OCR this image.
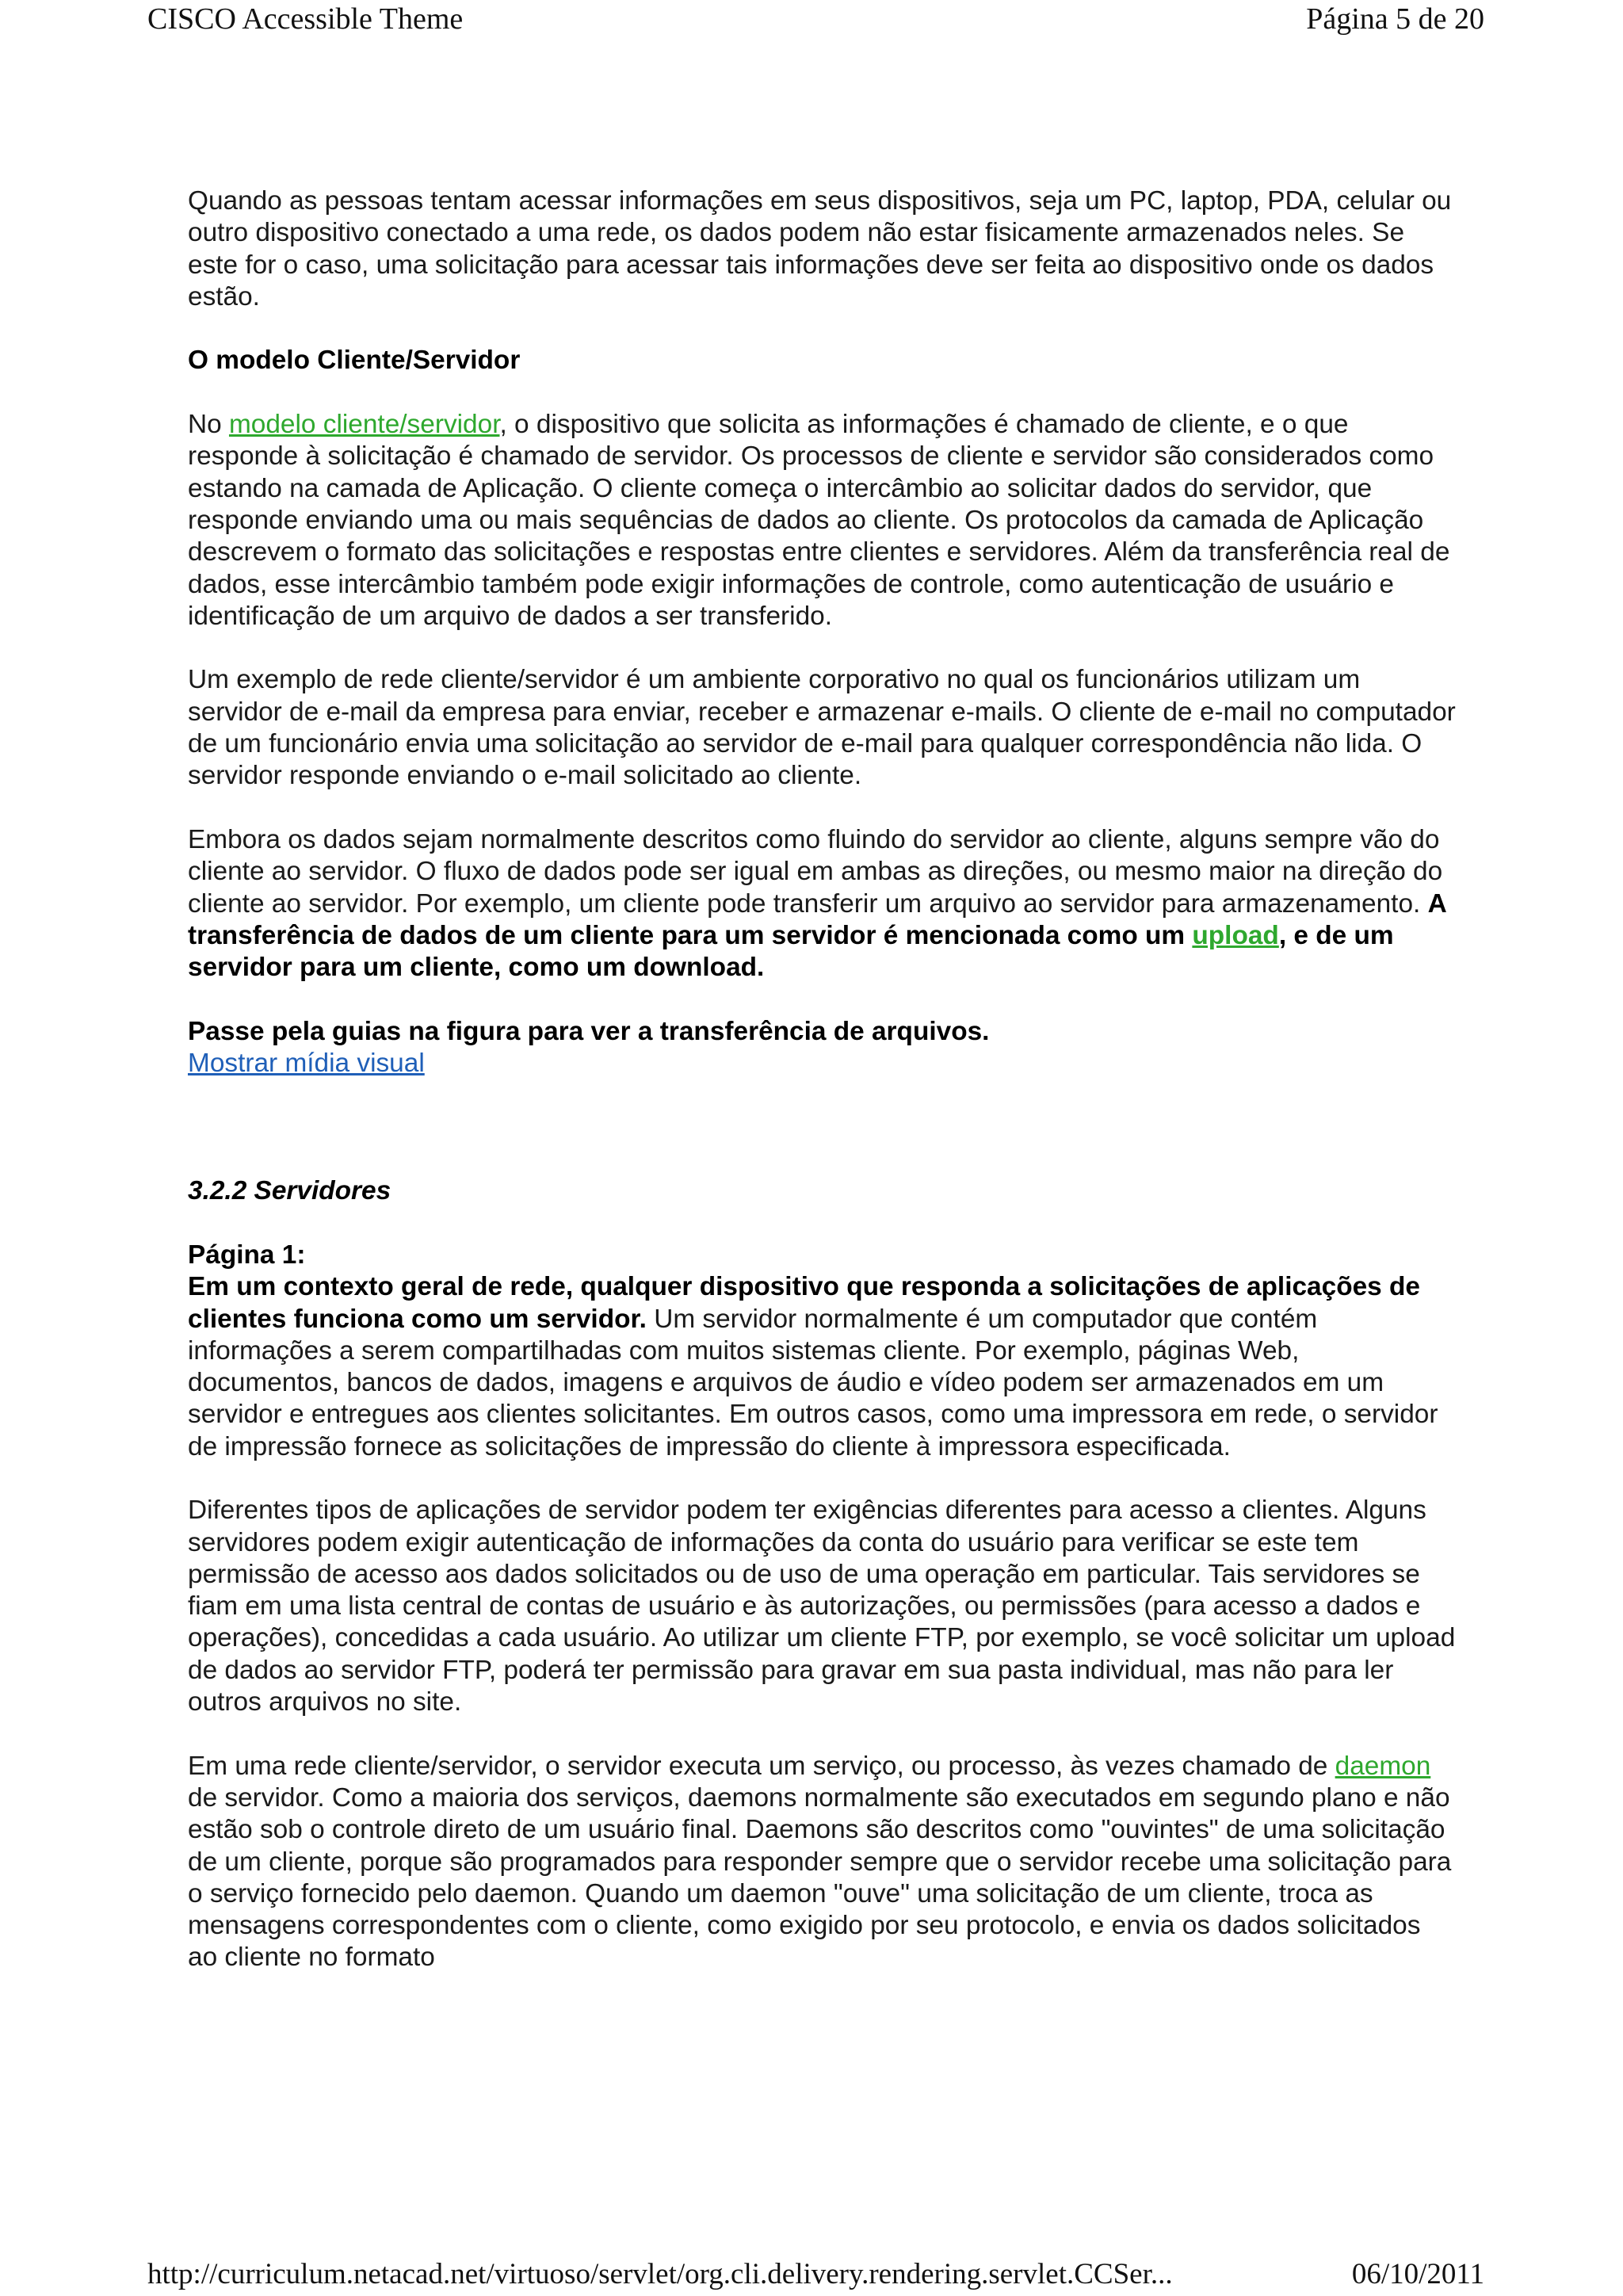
CISCO Accessible Theme	Página 5 de 20

Quando as pessoas tentam acessar informações em seus dispositivos, seja um PC, laptop, PDA, celular ou outro dispositivo conectado a uma rede, os dados podem não estar fisicamente armazenados neles. Se este for o caso, uma solicitação para acessar tais informações deve ser feita ao dispositivo onde os dados estão.

O modelo Cliente/Servidor

No modelo cliente/servidor, o dispositivo que solicita as informações é chamado de cliente, e o que responde à solicitação é chamado de servidor. Os processos de cliente e servidor são considerados como estando na camada de Aplicação. O cliente começa o intercâmbio ao solicitar dados do servidor, que responde enviando uma ou mais sequências de dados ao cliente. Os protocolos da camada de Aplicação descrevem o formato das solicitações e respostas entre clientes e servidores. Além da transferência real de dados, esse intercâmbio também pode exigir informações de controle, como autenticação de usuário e identificação de um arquivo de dados a ser transferido.

Um exemplo de rede cliente/servidor é um ambiente corporativo no qual os funcionários utilizam um servidor de e-mail da empresa para enviar, receber e armazenar e-mails. O cliente de e-mail no computador de um funcionário envia uma solicitação ao servidor de e-mail para qualquer correspondência não lida. O servidor responde enviando o e-mail solicitado ao cliente.

Embora os dados sejam normalmente descritos como fluindo do servidor ao cliente, alguns sempre vão do cliente ao servidor. O fluxo de dados pode ser igual em ambas as direções, ou mesmo maior na direção do cliente ao servidor. Por exemplo, um cliente pode transferir um arquivo ao servidor para armazenamento. A transferência de dados de um cliente para um servidor é mencionada como um upload, e de um servidor para um cliente, como um download.

Passe pela guias na figura para ver a transferência de arquivos.

Mostrar mídia visual

3.2.2 Servidores

Página 1:

Em um contexto geral de rede, qualquer dispositivo que responda a solicitações de aplicações de clientes funciona como um servidor. Um servidor normalmente é um computador que contém informações a serem compartilhadas com muitos sistemas cliente. Por exemplo, páginas Web, documentos, bancos de dados, imagens e arquivos de áudio e vídeo podem ser armazenados em um servidor e entregues aos clientes solicitantes. Em outros casos, como uma impressora em rede, o servidor de impressão fornece as solicitações de impressão do cliente à impressora especificada.

Diferentes tipos de aplicações de servidor podem ter exigências diferentes para acesso a clientes. Alguns servidores podem exigir autenticação de informações da conta do usuário para verificar se este tem permissão de acesso aos dados solicitados ou de uso de uma operação em particular. Tais servidores se fiam em uma lista central de contas de usuário e às autorizações, ou permissões (para acesso a dados e operações), concedidas a cada usuário. Ao utilizar um cliente FTP, por exemplo, se você solicitar um upload de dados ao servidor FTP, poderá ter permissão para gravar em sua pasta individual, mas não para ler outros arquivos no site.

Em uma rede cliente/servidor, o servidor executa um serviço, ou processo, às vezes chamado de daemon de servidor. Como a maioria dos serviços, daemons normalmente são executados em segundo plano e não estão sob o controle direto de um usuário final. Daemons são descritos como "ouvintes" de uma solicitação de um cliente, porque são programados para responder sempre que o servidor recebe uma solicitação para o serviço fornecido pelo daemon. Quando um daemon "ouve" uma solicitação de um cliente, troca as mensagens correspondentes com o cliente, como exigido por seu protocolo, e envia os dados solicitados ao cliente no formato

http://curriculum.netacad.net/virtuoso/servlet/org.cli.delivery.rendering.servlet.CCSer...	06/10/2011
